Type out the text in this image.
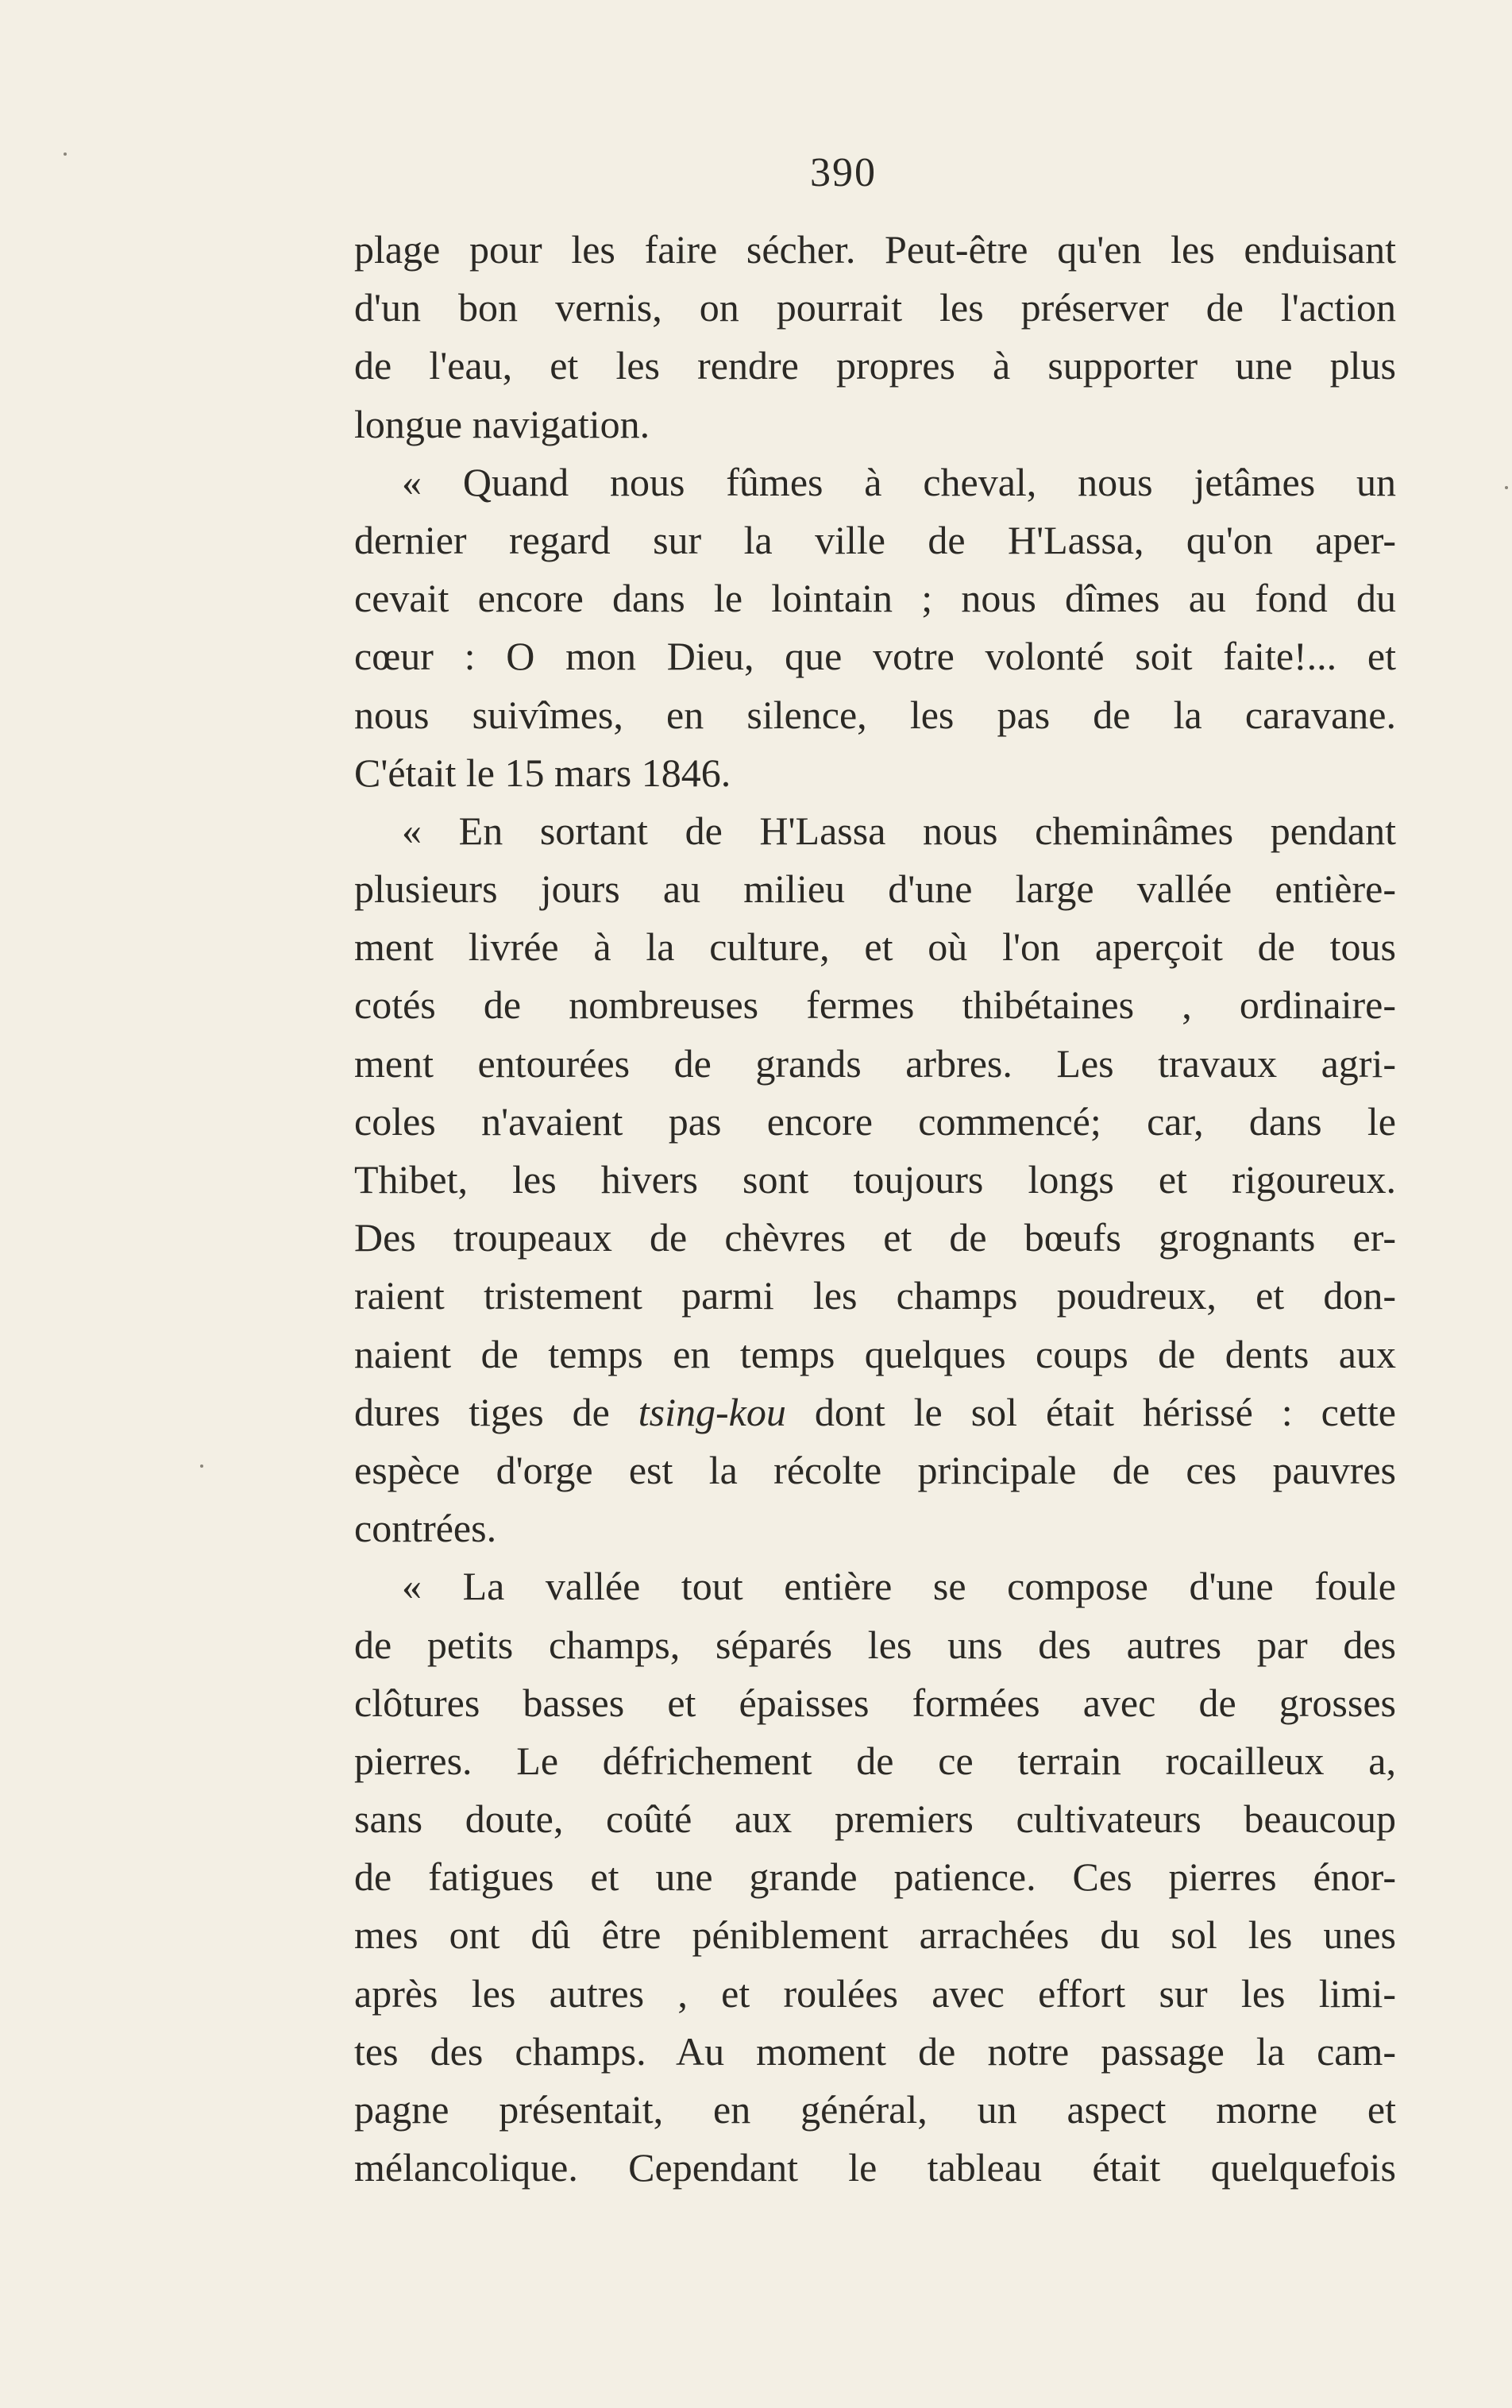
390
plage pour les faire sécher. Peut-être qu'en les enduisant
d'un bon vernis, on pourrait les préserver de l'action
de l'eau, et les rendre propres à supporter une plus
longue navigation.
« Quand nous fûmes à cheval, nous jetâmes un
dernier regard sur la ville de H'Lassa, qu'on aper-
cevait encore dans le lointain ; nous dîmes au fond du
cœur : O mon Dieu, que votre volonté soit faite!... et
nous suivîmes, en silence, les pas de la caravane.
C'était le 15 mars 1846.
« En sortant de H'Lassa nous cheminâmes pendant
plusieurs jours au milieu d'une large vallée entière-
ment livrée à la culture, et où l'on aperçoit de tous
cotés de nombreuses fermes thibétaines , ordinaire-
ment entourées de grands arbres. Les travaux agri-
coles n'avaient pas encore commencé; car, dans le
Thibet, les hivers sont toujours longs et rigoureux.
Des troupeaux de chèvres et de bœufs grognants er-
raient tristement parmi les champs poudreux, et don-
naient de temps en temps quelques coups de dents aux
dures tiges de tsing-kou dont le sol était hérissé : cette
espèce d'orge est la récolte principale de ces pauvres
contrées.
« La vallée tout entière se compose d'une foule
de petits champs, séparés les uns des autres par des
clôtures basses et épaisses formées avec de grosses
pierres. Le défrichement de ce terrain rocailleux a,
sans doute, coûté aux premiers cultivateurs beaucoup
de fatigues et une grande patience. Ces pierres énor-
mes ont dû être péniblement arrachées du sol les unes
après les autres , et roulées avec effort sur les limi-
tes des champs. Au moment de notre passage la cam-
pagne présentait, en général, un aspect morne et
mélancolique. Cependant le tableau était quelquefois
